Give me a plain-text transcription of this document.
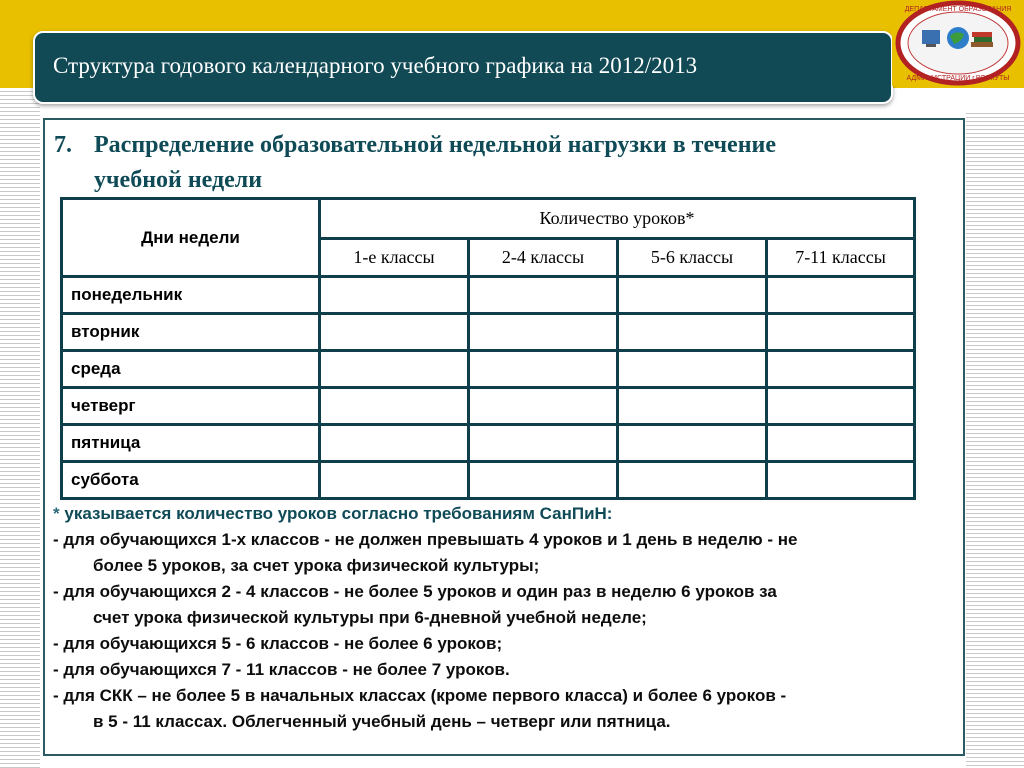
Структура годового календарного учебного графика на 2012/2013
ДЕПАРТАМЕНТ ОБРАЗОВАНИЯ
АДМИНИСТРАЦИИ г.ВОРКУТЫ
7. Распределение образовательной недельной нагрузки в течение
учебной недели
Дни недели	Количество уроков*			
	1-е классы	2-4 классы	5-6 классы	7-11 классы
понедельник				
вторник				
среда				
четверг				
пятница				
суббота				
* указывается количество уроков согласно требованиям СанПиН:
- для обучающихся 1-х классов - не должен превышать 4 уроков и 1 день в неделю - не
более 5 уроков, за счет урока физической культуры;
- для обучающихся 2 - 4 классов - не более 5 уроков и один раз в неделю 6 уроков за
счет урока физической культуры при 6-дневной учебной неделе;
- для обучающихся 5 - 6 классов - не более 6 уроков;
- для обучающихся 7 - 11 классов - не более 7 уроков.
- для СКК – не более 5 в начальных классах (кроме первого класса) и более 6 уроков -
в 5 - 11 классах. Облегченный учебный день – четверг или пятница.
